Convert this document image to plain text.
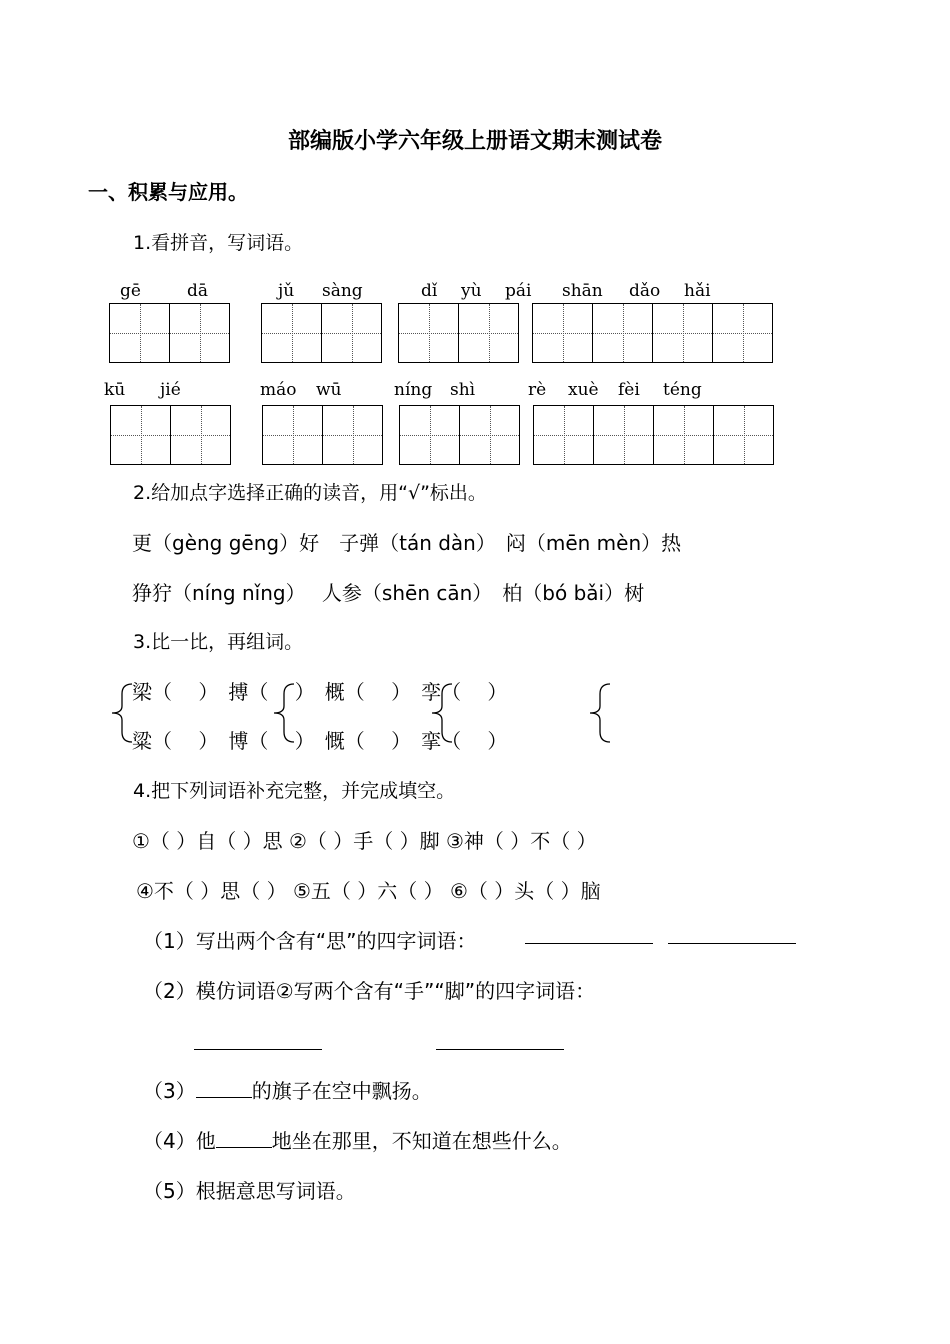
部编版小学六年级上册语文期末测试卷
一、积累与应用。
1.看拼音，写词语。
gē	dā	jǔ sàng	dǐ yù pái shān dǎo hǎi
kū jié	máo wū	níng shì	rè xuè fèi téng
2.给加点字选择正确的读音，用“√”标出。
更（gèng gēng）好　子弹（tán dàn）　闷（mēn mèn）热
狰狞（níng nǐng）　 人参（shēn cān）　柏（bó bǎi）树
3.比一比，再组词。
梁（　 ）　搏（　 ）　概（　 ）　孪（　 ）
粱（　 ）　博（　 ）　慨（　 ）　挛（　 ）
4.把下列词语补充完整，并完成填空。
①（ ）自（ ）思 ②（ ）手（ ）脚 ③神（ ）不（ ）
④不（ ）思（ ） ⑤五（ ）六（ ） ⑥（ ）头（ ）脑
（1）写出两个含有“思”的四字词语：
（2）模仿词语②写两个含有“手”“脚”的四字词语：
（3）	的旗子在空中飘扬。
（4）他	地坐在那里，不知道在想些什么。
（5）根据意思写词语。
